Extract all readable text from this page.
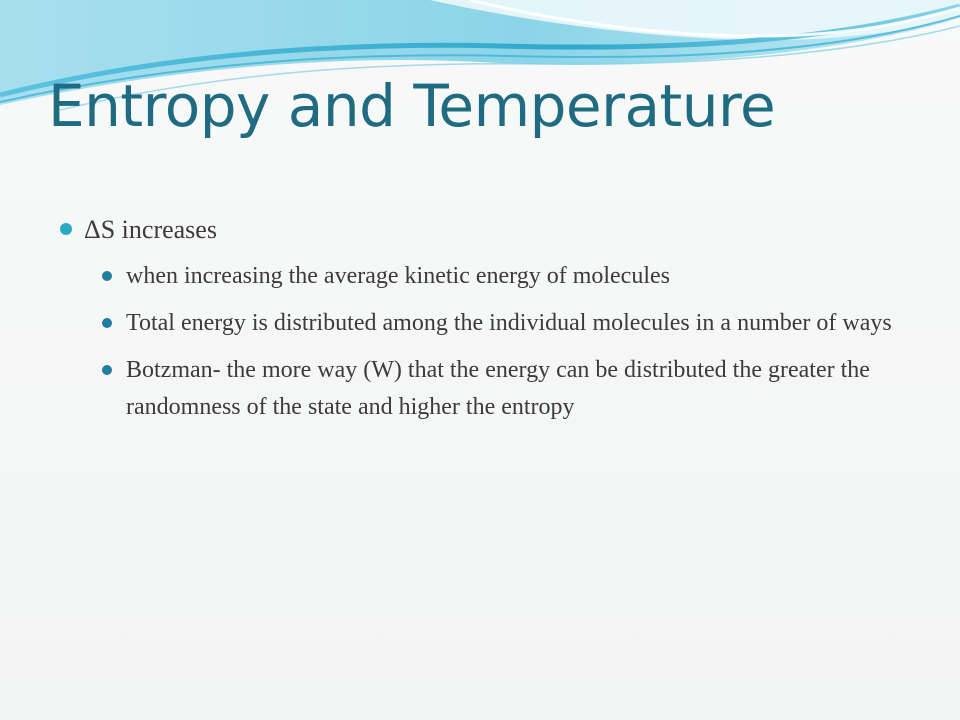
Entropy and Temperature
ΔS increases
when increasing the average kinetic energy of molecules
Total energy is distributed among the individual molecules in a number of ways
Botzman- the more way (W) that the energy can be distributed the greater the randomness of the state and higher the entropy
